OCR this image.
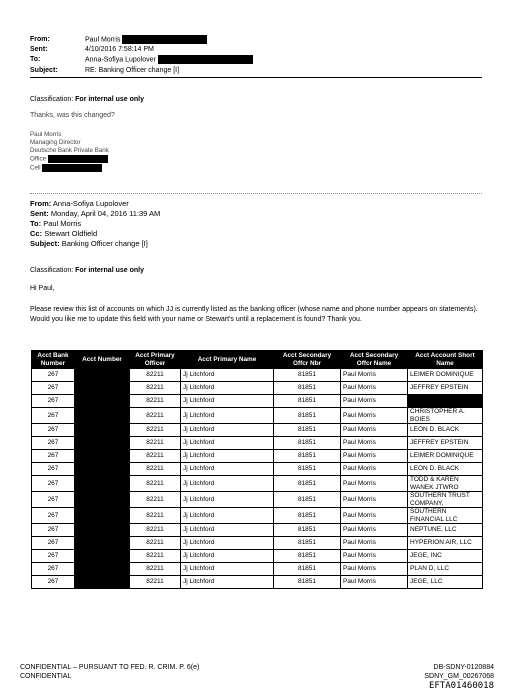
From:	Paul Morris
Sent:	4/10/2016 7:58:14 PM
To:	Anna-Sofiya Lupolover
Subject:	RE: Banking Officer change [I]
Classification: For internal use only
Thanks, was this changed?
Paul Morris
Managing Director
Deutsche Bank Private Bank
Office
Cell
From: Anna-Sofiya Lupolover
Sent: Monday, April 04, 2016 11:39 AM
To: Paul Morris
Cc: Stewart Oldfield
Subject: Banking Officer change [I]
Classification: For internal use only
Hi Paul,
Please review this list of accounts on which JJ is currently listed as the banking officer (whose name and phone number appears on statements). Would you like me to update this field with your name or Stewart's until a replacement is found? Thank you.
Acct Bank Number	Acct Number	Acct Primary Officer	Acct Primary Name	Acct Secondary Offcr Nbr	Acct Secondary Offcr Name	Acct Account Short Name
267		82211	Jj Litchford	81851	Paul Morris	LEIMER DOMINIQUE
267		82211	Jj Litchford	81851	Paul Morris	JEFFREY EPSTEIN
267		82211	Jj Litchford	81851	Paul Morris	
267		82211	Jj Litchford	81851	Paul Morris	CHRISTOPHER A. BOIES
267		82211	Jj Litchford	81851	Paul Morris	LEON D. BLACK
267		82211	Jj Litchford	81851	Paul Morris	JEFFREY EPSTEIN
267		82211	Jj Litchford	81851	Paul Morris	LEIMER DOMINIQUE
267		82211	Jj Litchford	81851	Paul Morris	LEON D. BLACK
267		82211	Jj Litchford	81851	Paul Morris	TODD & KAREN WANEK JTWRO
267		82211	Jj Litchford	81851	Paul Morris	SOUTHERN TRUST COMPANY,
267		82211	Jj Litchford	81851	Paul Morris	SOUTHERN FINANCIAL LLC
267		82211	Jj Litchford	81851	Paul Morris	NEPTUNE, LLC
267		82211	Jj Litchford	81851	Paul Morris	HYPERION AIR, LLC
267		82211	Jj Litchford	81851	Paul Morris	JEGE, INC
267		82211	Jj Litchford	81851	Paul Morris	PLAN D, LLC
267		82211	Jj Litchford	81851	Paul Morris	JEGE, LLC
CONFIDENTIAL – PURSUANT TO FED. R. CRIM. P. 6(e)
CONFIDENTIAL
DB-SDNY-0120884
SDNY_GM_00267068
EFTA01460018
